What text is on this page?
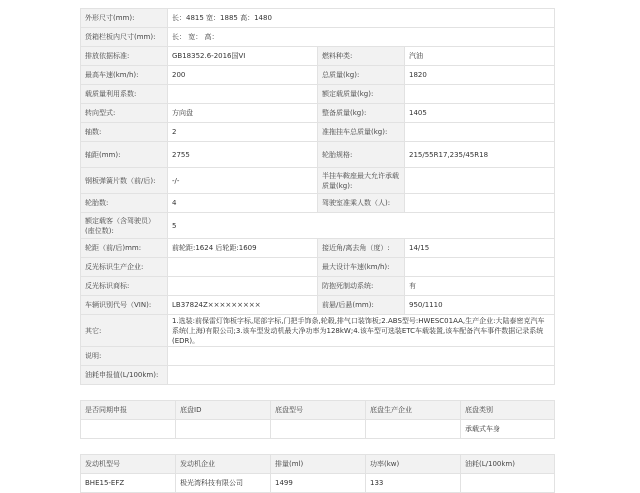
外形尺寸(mm):	长：4815 宽：1885 高：1480		
货箱栏板内尺寸(mm):	长： 宽： 高：		
排放依据标准:	GB18352.6-2016国VI	燃料种类:	汽油
最高车速(km/h):	200	总质量(kg):	1820
载质量利用系数:		额定载质量(kg):	
转向型式:	方向盘	整备质量(kg):	1405
轴数:	2	准拖挂车总质量(kg):	
轴距(mm):	2755	轮胎规格:	215/55R17,235/45R18
钢板弹簧片数（前/后):	-/-	半挂车鞍座最大允许承载质量(kg):	
轮胎数:	4	驾驶室准乘人数（人):	
额定载客（含驾驶员）(座位数):	5		
轮距（前/后)mm:	前轮距:1624 后轮距:1609	接近角/离去角（度）:	14/15
反光标识生产企业:		最大设计车速(km/h):	
反光标识商标:		防抱死制动系统:	有
车辆识别代号（VIN):	LB37824Z×××××××××	前悬/后悬(mm):	950/1110
其它:	1.选装:前保雷灯饰板字标,尾部字标,门把手饰条,轮毂,排气口装饰板;2.ABS型号:HWESC01AA,生产企业:大陆泰密克汽车系统(上海)有限公司;3.该车型发动机最大净功率为128kW;4.该车型可选装ETC车载装置,该车配备汽车事件数据记录系统(EDR)。		
说明:			
油耗申报值(L/100km):			
是否同期申报	底盘ID	底盘型号	底盘生产企业	底盘类别
				承载式车身
发动机型号	发动机企业	排量(ml)	功率(kw)	油耗(L/100km)
BHE15-EFZ	极光湾科技有限公司	1499	133	
